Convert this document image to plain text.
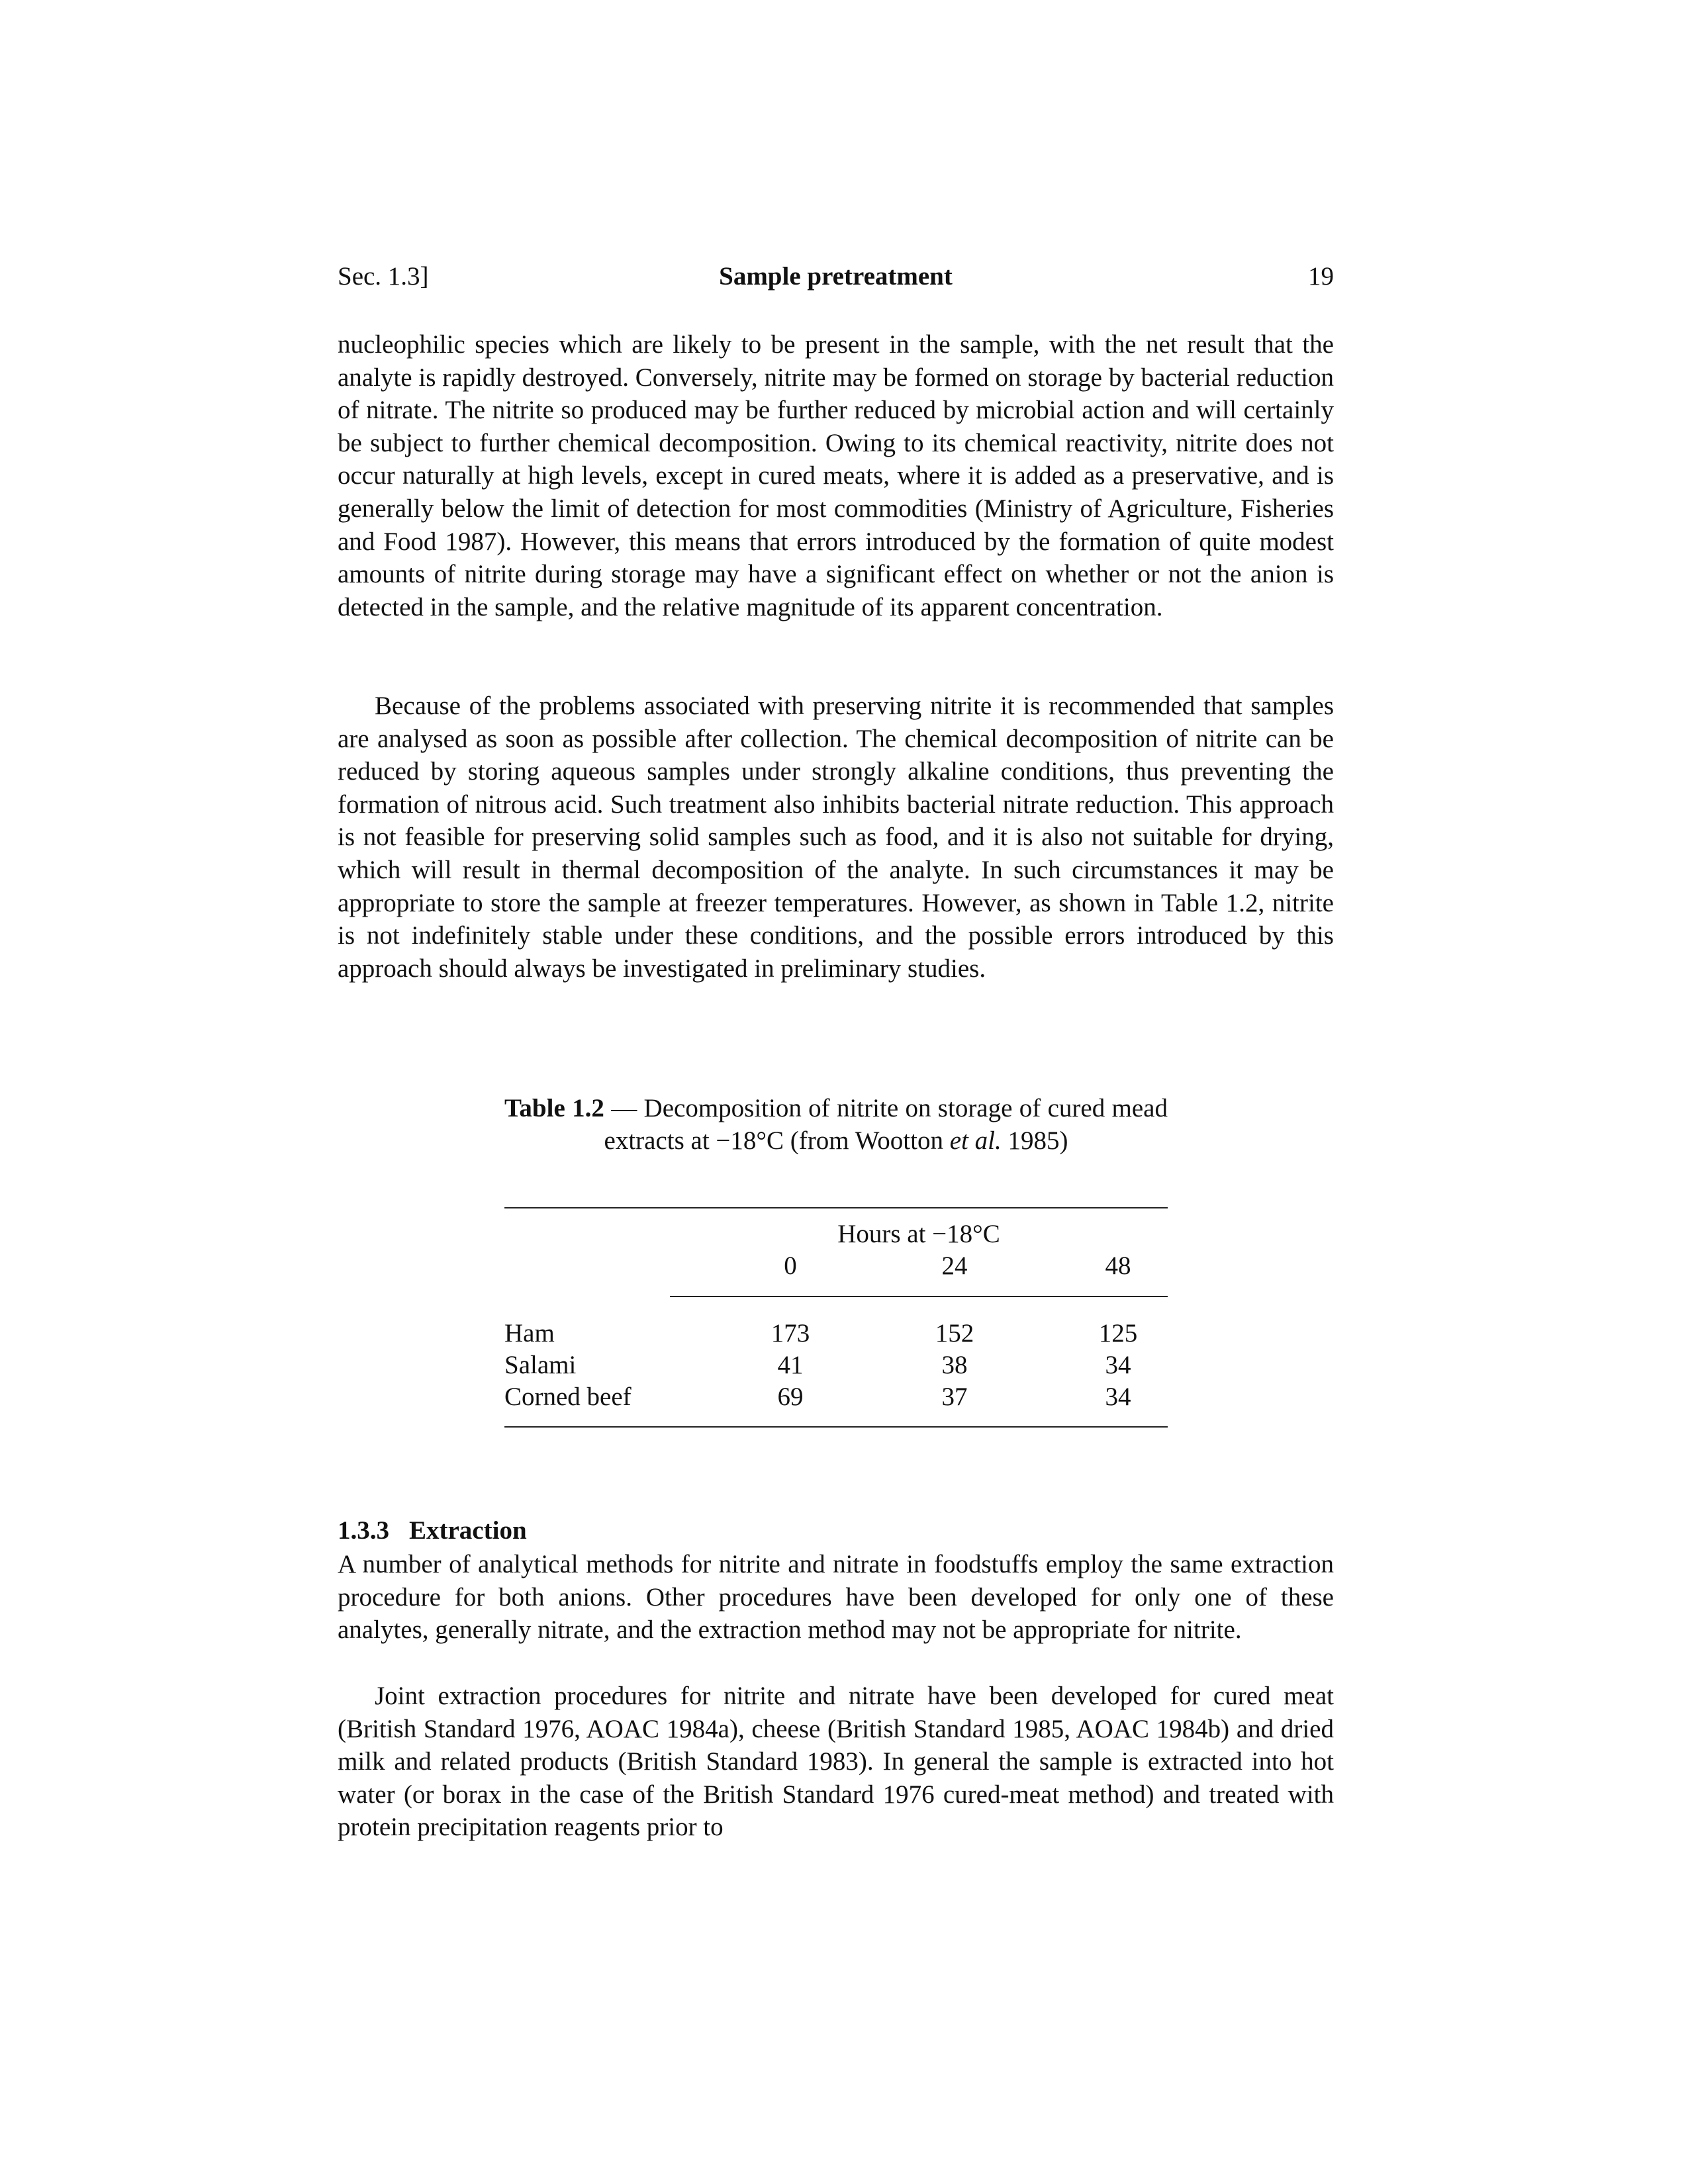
Sec. 1.3]	Sample pretreatment	19

nucleophilic species which are likely to be present in the sample, with the net result that the analyte is rapidly destroyed. Conversely, nitrite may be formed on storage by bacterial reduction of nitrate. The nitrite so produced may be further reduced by microbial action and will certainly be subject to further chemical decomposition. Owing to its chemical reactivity, nitrite does not occur naturally at high levels, except in cured meats, where it is added as a preservative, and is generally below the limit of detection for most commodities (Ministry of Agriculture, Fisheries and Food 1987). However, this means that errors introduced by the formation of quite modest amounts of nitrite during storage may have a significant effect on whether or not the anion is detected in the sample, and the relative magnitude of its apparent concentration.

Because of the problems associated with preserving nitrite it is recommended that samples are analysed as soon as possible after collection. The chemical decomposition of nitrite can be reduced by storing aqueous samples under strongly alkaline conditions, thus preventing the formation of nitrous acid. Such treatment also inhibits bacterial nitrate reduction. This approach is not feasible for preserving solid samples such as food, and it is also not suitable for drying, which will result in thermal decomposition of the analyte. In such circumstances it may be appropriate to store the sample at freezer temperatures. However, as shown in Table 1.2, nitrite is not indefinitely stable under these conditions, and the possible errors introduced by this approach should always be investigated in preliminary studies.

Table 1.2 — Decomposition of nitrite on storage of cured mead extracts at −18°C (from Wootton et al. 1985)

Hours at −18°C
0	24	48
Ham	173	152	125
Salami	41	38	34
Corned beef	69	37	34
1.3.3 Extraction

A number of analytical methods for nitrite and nitrate in foodstuffs employ the same extraction procedure for both anions. Other procedures have been developed for only one of these analytes, generally nitrate, and the extraction method may not be appropriate for nitrite.

Joint extraction procedures for nitrite and nitrate have been developed for cured meat (British Standard 1976, AOAC 1984a), cheese (British Standard 1985, AOAC 1984b) and dried milk and related products (British Standard 1983). In general the sample is extracted into hot water (or borax in the case of the British Standard 1976 cured-meat method) and treated with protein precipitation reagents prior to
